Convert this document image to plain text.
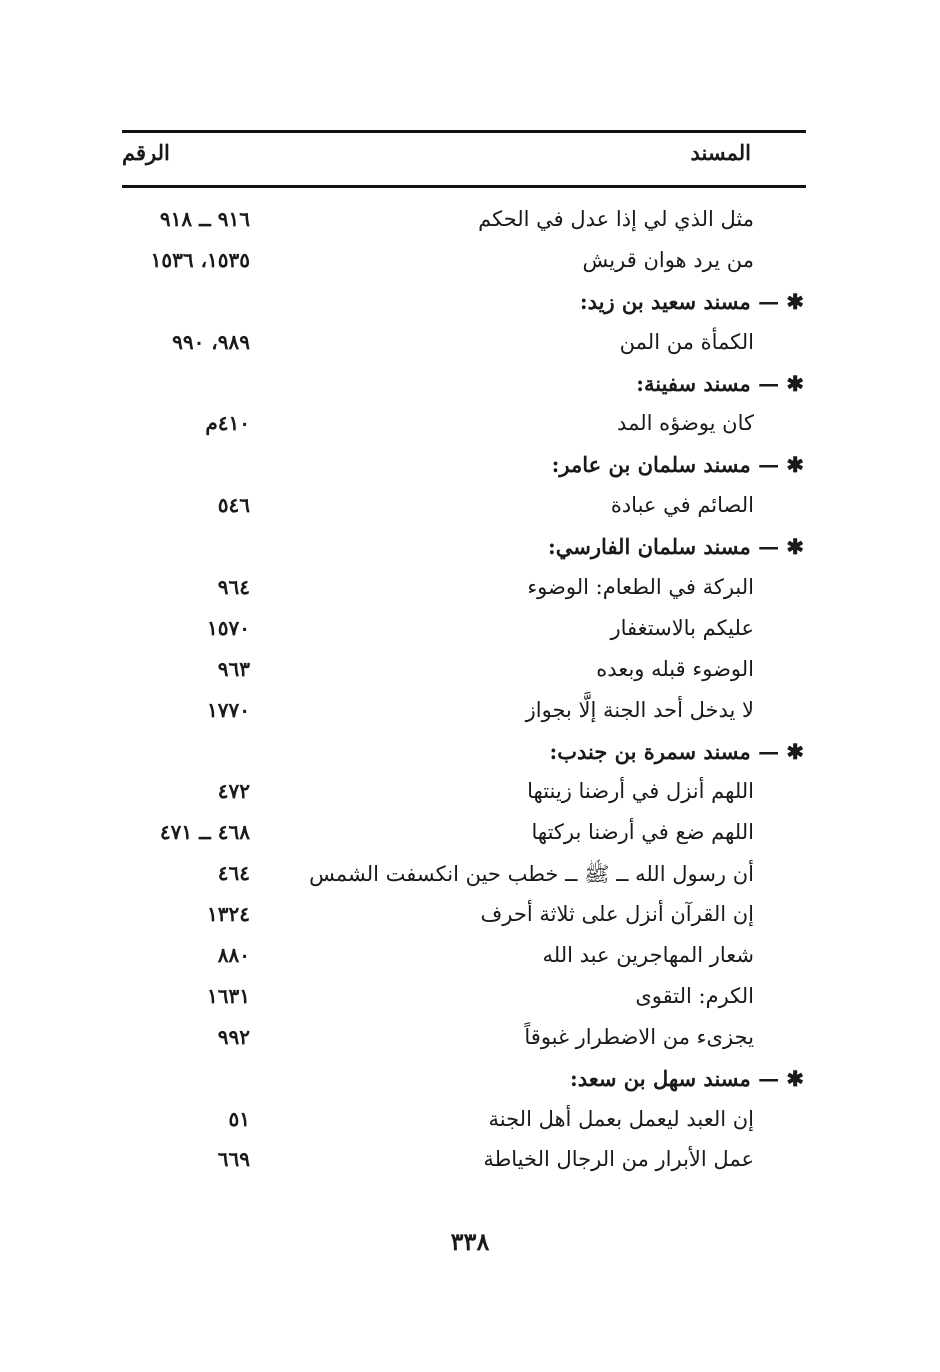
المسند
الرقم
مثل الذي لي إذا عدل في الحكم
٩١٦ ــ ٩١٨
من يرد هوان قريش
١٥٣٥، ١٥٣٦
✱ — مسند سعيد بن زيد:
الكمأة من المن
٩٨٩، ٩٩٠
✱ — مسند سفينة:
كان يوضؤه المد
٤١٠م
✱ — مسند سلمان بن عامر:
الصائم في عبادة
٥٤٦
✱ — مسند سلمان الفارسي:
البركة في الطعام: الوضوء
٩٦٤
عليكم بالاستغفار
١٥٧٠
الوضوء قبله وبعده
٩٦٣
لا يدخل أحد الجنة إلَّا بجواز
١٧٧٠
✱ — مسند سمرة بن جندب:
اللهم أنزل في أرضنا زينتها
٤٧٢
اللهم ضع في أرضنا بركتها
٤٦٨ ــ ٤٧١
أن رسول الله ــ ﷺ ــ خطب حين انكسفت الشمس
٤٦٤
إن القرآن أنزل على ثلاثة أحرف
١٣٢٤
شعار المهاجرين عبد الله
٨٨٠
الكرم: التقوى
١٦٣١
يجزىء من الاضطرار غبوقاً
٩٩٢
✱ — مسند سهل بن سعد:
إن العبد ليعمل بعمل أهل الجنة
٥١
عمل الأبرار من الرجال الخياطة
٦٦٩
٣٣٨
